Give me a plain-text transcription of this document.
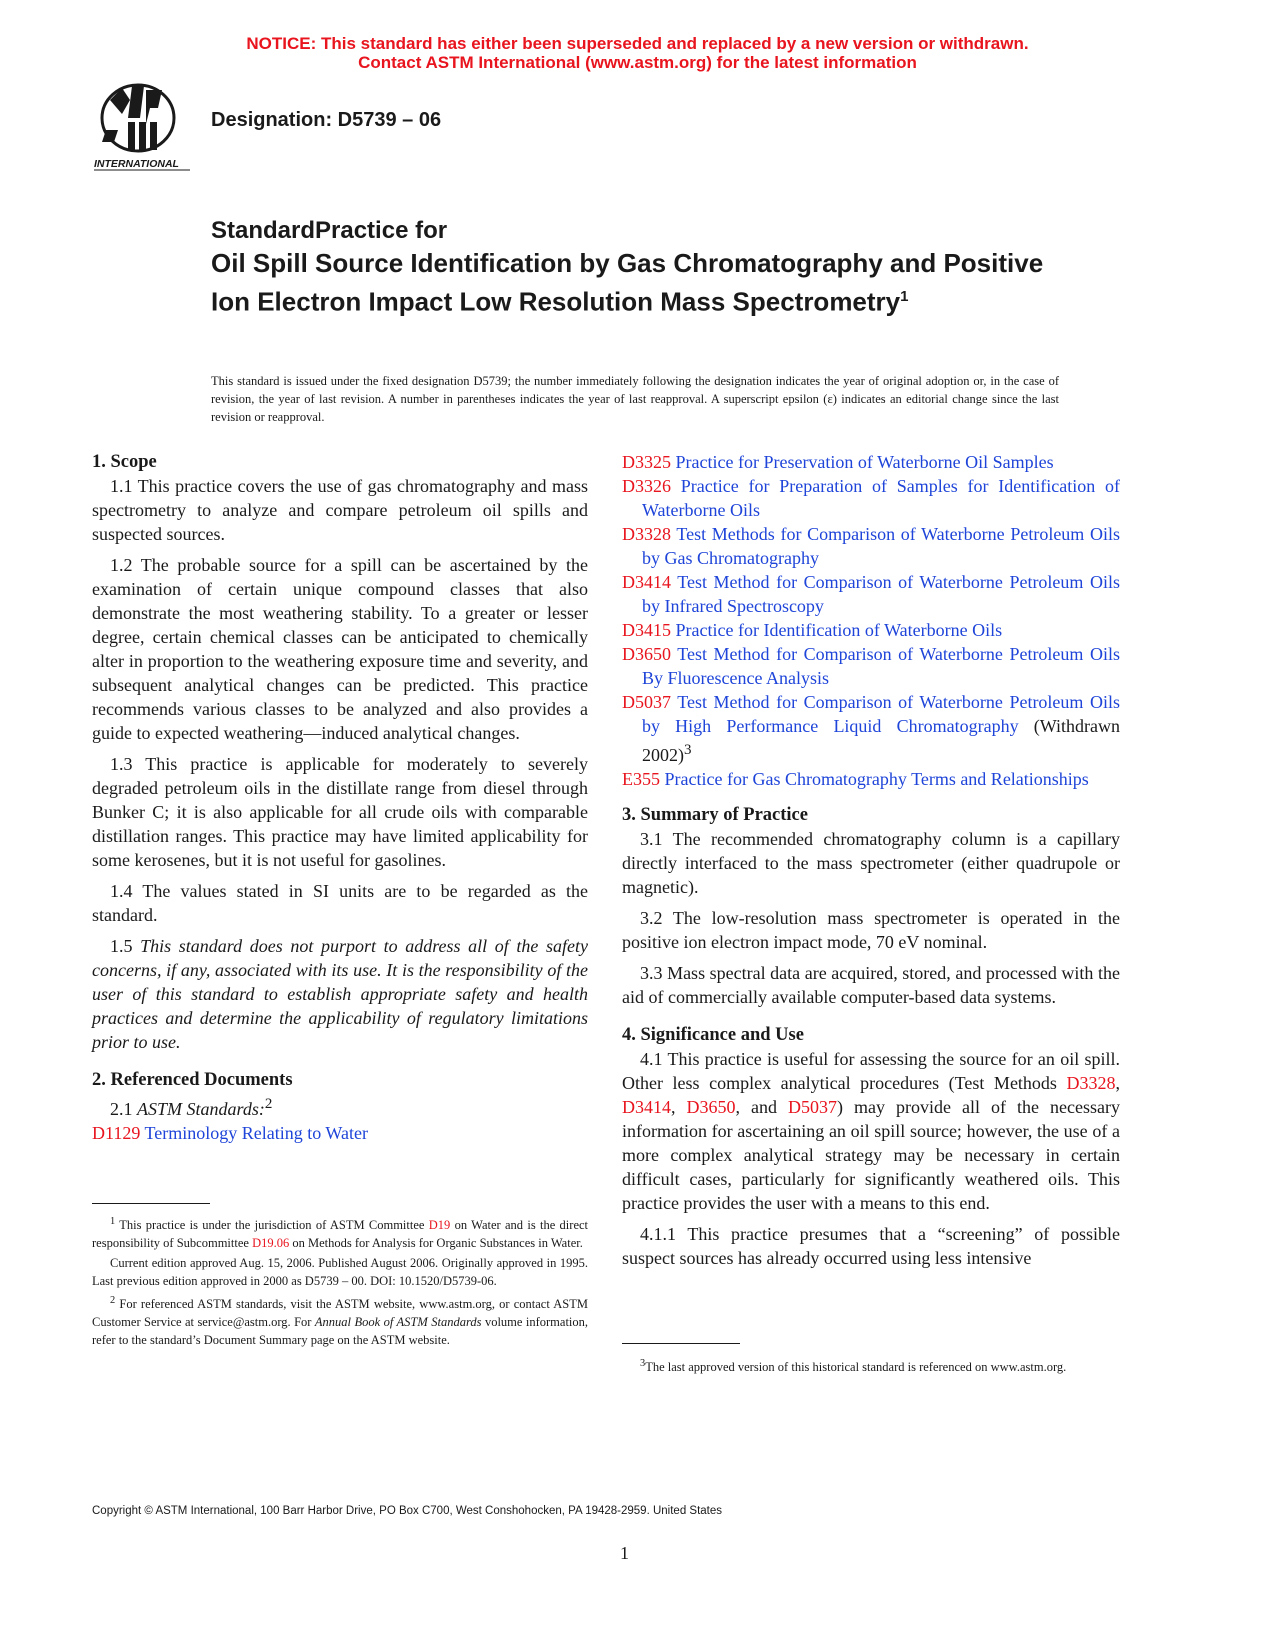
NOTICE: This standard has either been superseded and replaced by a new version or withdrawn.
Contact ASTM International (www.astm.org) for the latest information
INTERNATIONAL
Designation: D5739 – 06
StandardPractice for
Oil Spill Source Identification by Gas Chromatography and Positive Ion Electron Impact Low Resolution Mass Spectrometry$^1$
This standard is issued under the fixed designation D5739; the number immediately following the designation indicates the year of original adoption or, in the case of revision, the year of last revision. A number in parentheses indicates the year of last reapproval. A superscript epsilon (ε) indicates an editorial change since the last revision or reapproval.

1. Scope

1.1 This practice covers the use of gas chromatography and mass spectrometry to analyze and compare petroleum oil spills and suspected sources.

1.2 The probable source for a spill can be ascertained by the examination of certain unique compound classes that also demonstrate the most weathering stability. To a greater or lesser degree, certain chemical classes can be anticipated to chemically alter in proportion to the weathering exposure time and severity, and subsequent analytical changes can be predicted. This practice recommends various classes to be analyzed and also provides a guide to expected weathering—induced analytical changes.

1.3 This practice is applicable for moderately to severely degraded petroleum oils in the distillate range from diesel through Bunker C; it is also applicable for all crude oils with comparable distillation ranges. This practice may have limited applicability for some kerosenes, but it is not useful for gasolines.

1.4 The values stated in SI units are to be regarded as the standard.

1.5 This standard does not purport to address all of the safety concerns, if any, associated with its use. It is the responsibility of the user of this standard to establish appropriate safety and health practices and determine the applicability of regulatory limitations prior to use.

2. Referenced Documents

2.1 ASTM Standards:$^2$

D1129 Terminology Relating to Water

$^1$ This practice is under the jurisdiction of ASTM Committee D19 on Water and is the direct responsibility of Subcommittee D19.06 on Methods for Analysis for Organic Substances in Water.

Current edition approved Aug. 15, 2006. Published August 2006. Originally approved in 1995. Last previous edition approved in 2000 as D5739 – 00. DOI: 10.1520/D5739-06.

$^2$ For referenced ASTM standards, visit the ASTM website, www.astm.org, or contact ASTM Customer Service at service@astm.org. For Annual Book of ASTM Standards volume information, refer to the standard’s Document Summary page on the ASTM website.

D3325 Practice for Preservation of Waterborne Oil Samples

D3326 Practice for Preparation of Samples for Identification of Waterborne Oils

D3328 Test Methods for Comparison of Waterborne Petroleum Oils by Gas Chromatography

D3414 Test Method for Comparison of Waterborne Petroleum Oils by Infrared Spectroscopy

D3415 Practice for Identification of Waterborne Oils

D3650 Test Method for Comparison of Waterborne Petroleum Oils By Fluorescence Analysis

D5037 Test Method for Comparison of Waterborne Petroleum Oils by High Performance Liquid Chromatography (Withdrawn 2002)$^3$

E355 Practice for Gas Chromatography Terms and Relationships

3. Summary of Practice

3.1 The recommended chromatography column is a capillary directly interfaced to the mass spectrometer (either quadrupole or magnetic).

3.2 The low-resolution mass spectrometer is operated in the positive ion electron impact mode, 70 eV nominal.

3.3 Mass spectral data are acquired, stored, and processed with the aid of commercially available computer-based data systems.

4. Significance and Use

4.1 This practice is useful for assessing the source for an oil spill. Other less complex analytical procedures (Test Methods D3328, D3414, D3650, and D5037) may provide all of the necessary information for ascertaining an oil spill source; however, the use of a more complex analytical strategy may be necessary in certain difficult cases, particularly for significantly weathered oils. This practice provides the user with a means to this end.

4.1.1 This practice presumes that a “screening” of possible suspect sources has already occurred using less intensive

$^3$The last approved version of this historical standard is referenced on www.astm.org.

Copyright © ASTM International, 100 Barr Harbor Drive, PO Box C700, West Conshohocken, PA 19428-2959. United States
1
